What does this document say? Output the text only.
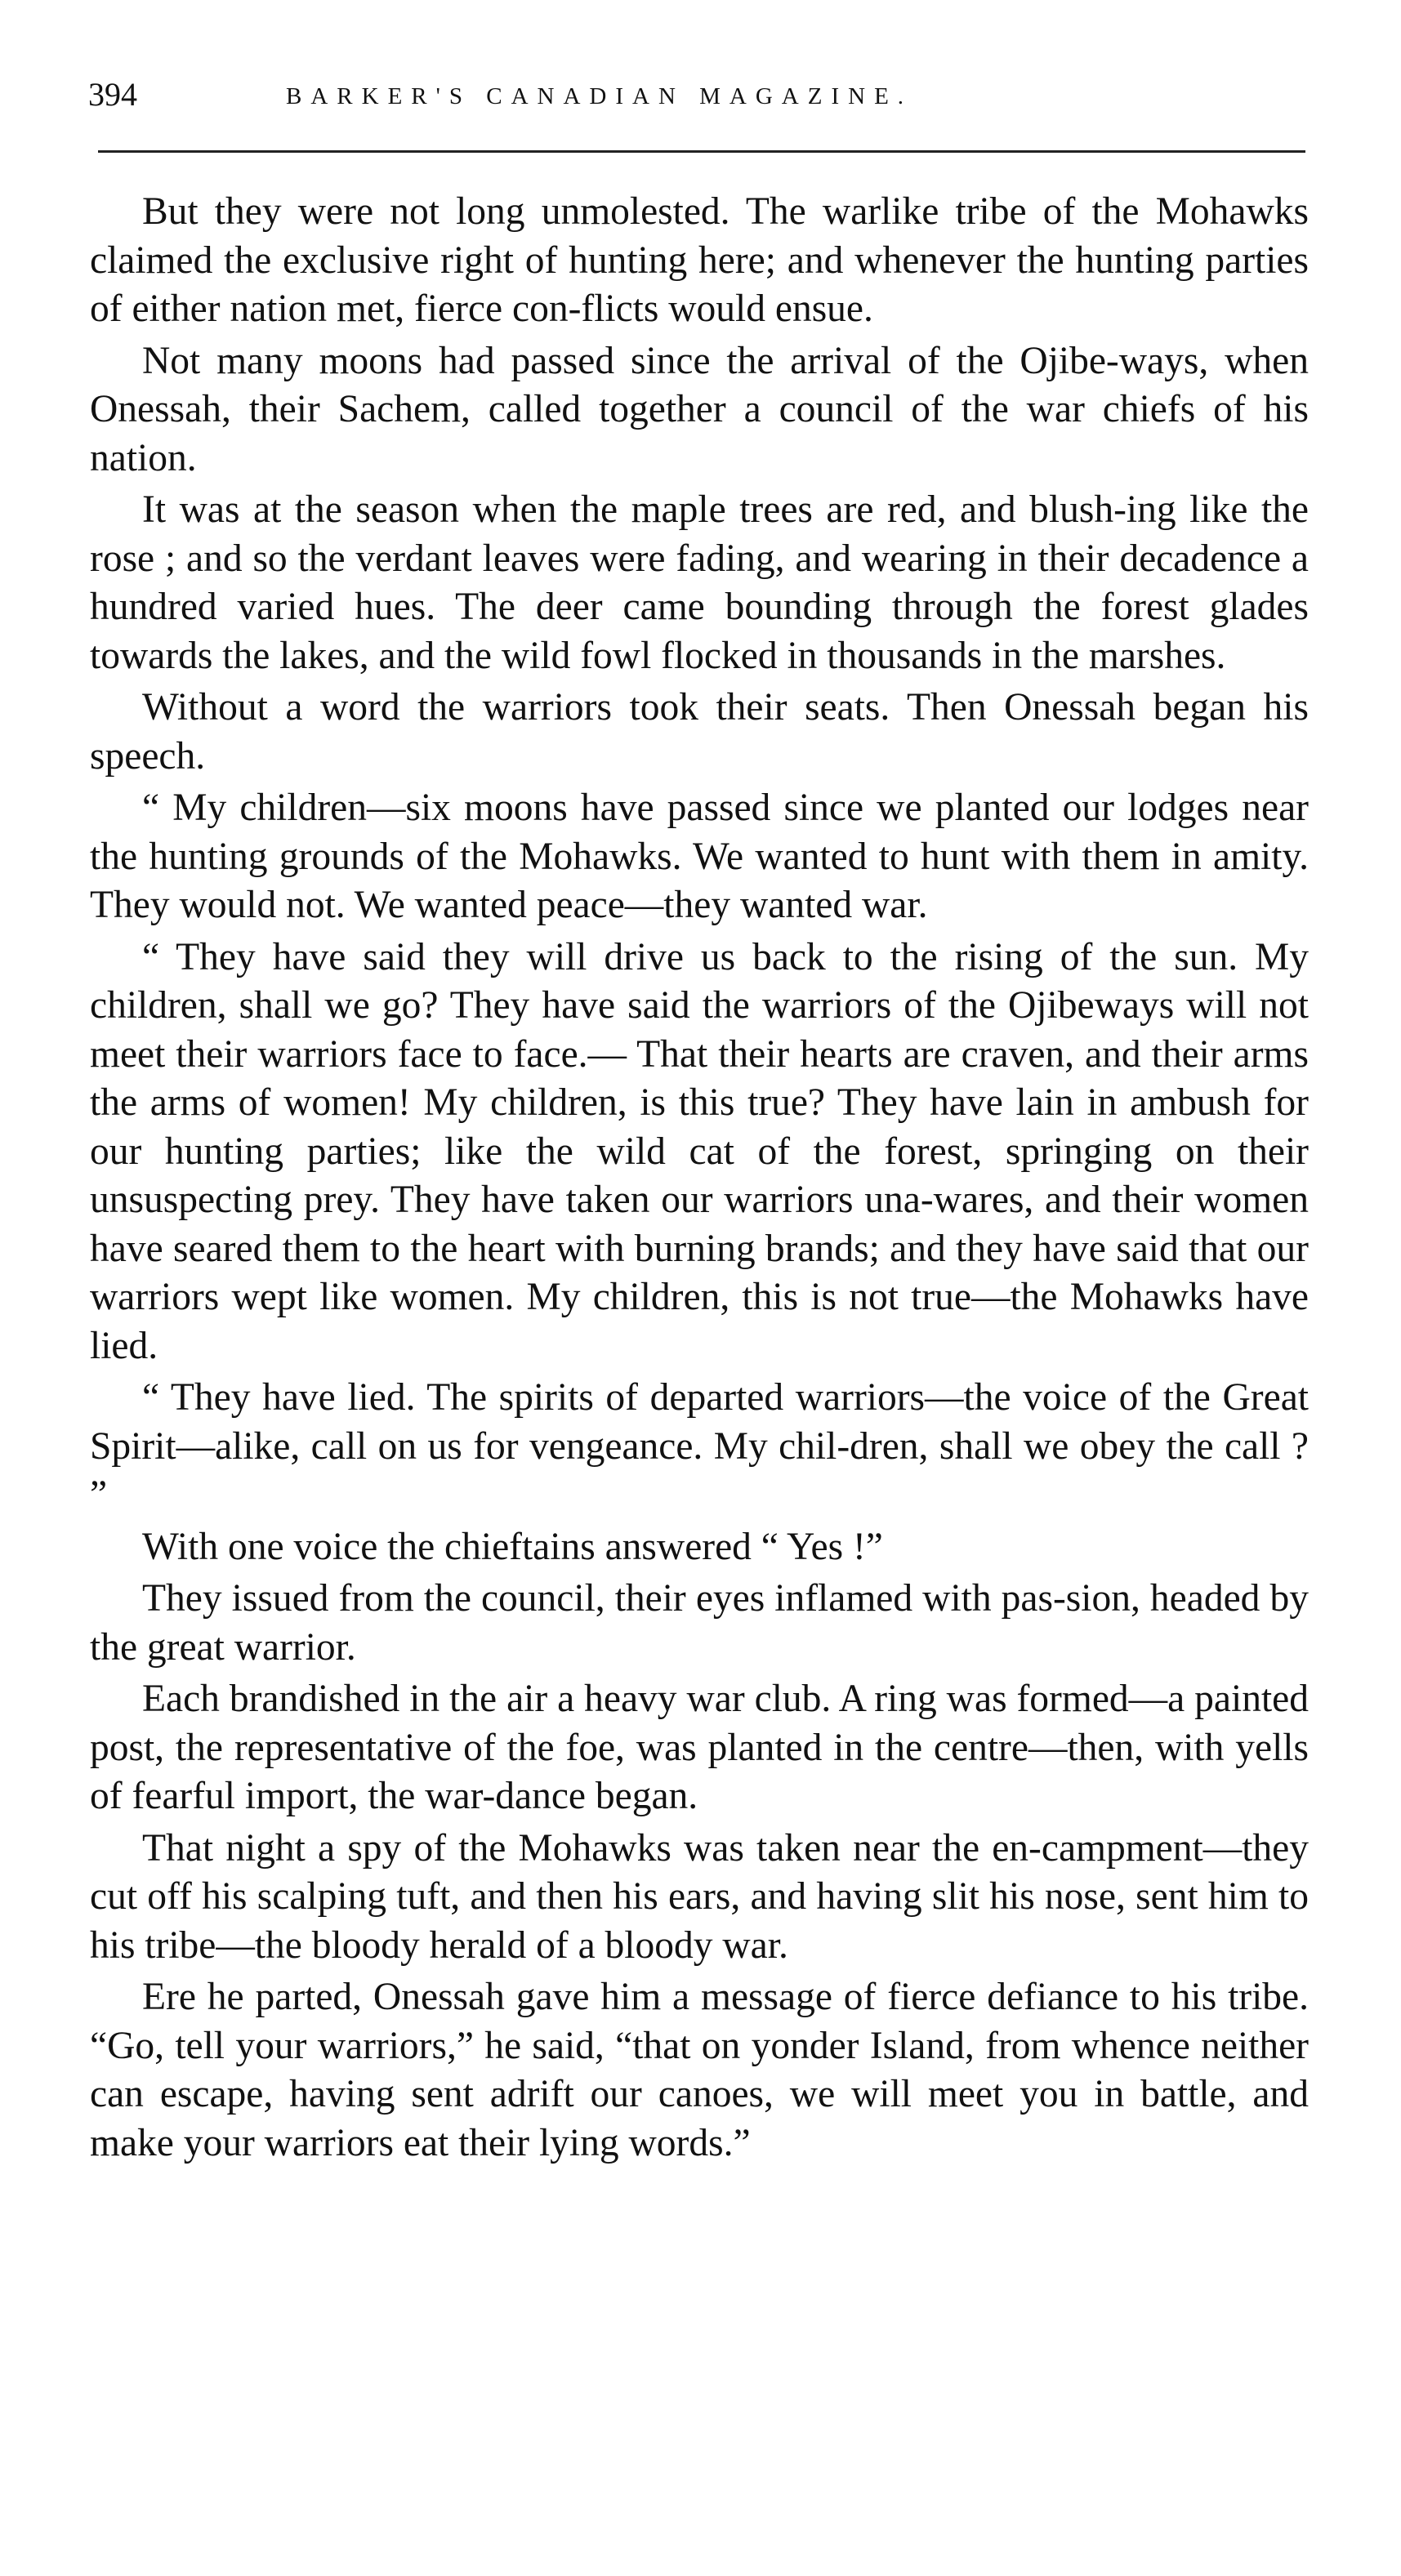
394	BARKER'S CANADIAN MAGAZINE.

But they were not long unmolested. The warlike tribe of the Mohawks claimed the exclusive right of hunting here; and whenever the hunting parties of either nation met, fierce con-flicts would ensue.

Not many moons had passed since the arrival of the Ojibe-ways, when Onessah, their Sachem, called together a council of the war chiefs of his nation.

It was at the season when the maple trees are red, and blush-ing like the rose ; and so the verdant leaves were fading, and wearing in their decadence a hundred varied hues. The deer came bounding through the forest glades towards the lakes, and the wild fowl flocked in thousands in the marshes.

Without a word the warriors took their seats. Then Onessah began his speech.

“ My children—six moons have passed since we planted our lodges near the hunting grounds of the Mohawks. We wanted to hunt with them in amity. They would not. We wanted peace—they wanted war.

“ They have said they will drive us back to the rising of the sun. My children, shall we go? They have said the warriors of the Ojibeways will not meet their warriors face to face.— That their hearts are craven, and their arms the arms of women! My children, is this true? They have lain in ambush for our hunting parties; like the wild cat of the forest, springing on their unsuspecting prey. They have taken our warriors una-wares, and their women have seared them to the heart with burning brands; and they have said that our warriors wept like women. My children, this is not true—the Mohawks have lied.

“ They have lied. The spirits of departed warriors—the voice of the Great Spirit—alike, call on us for vengeance. My chil-dren, shall we obey the call ? ”

With one voice the chieftains answered “ Yes !”

They issued from the council, their eyes inflamed with pas-sion, headed by the great warrior.

Each brandished in the air a heavy war club. A ring was formed—a painted post, the representative of the foe, was planted in the centre—then, with yells of fearful import, the war-dance began.

That night a spy of the Mohawks was taken near the en-campment—they cut off his scalping tuft, and then his ears, and having slit his nose, sent him to his tribe—the bloody herald of a bloody war.

Ere he parted, Onessah gave him a message of fierce defiance to his tribe. “Go, tell your warriors,” he said, “that on yonder Island, from whence neither can escape, having sent adrift our canoes, we will meet you in battle, and make your warriors eat their lying words.”
